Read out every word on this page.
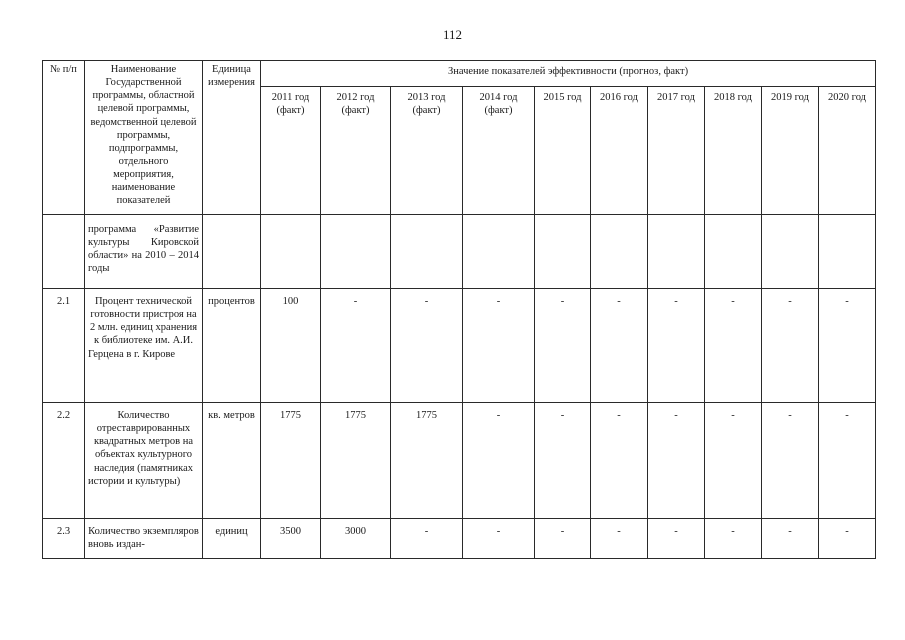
112
№ п/п	Наименование Государственной программы, областной целевой программы, ведомственной целевой программы, подпрограммы, отдельного мероприятия, наименование показателей	Единица измерения	Значение показателей эффективности (прогноз, факт)									
			2011 год (факт)	2012 год (факт)	2013 год (факт)	2014 год (факт)	2015 год	2016 год	2017 год	2018 год	2019 год	2020 год
	программа «Развитие культуры Кировской области» на 2010 – 2014 годы											
2.1	Процент технической готовности пристроя на 2 млн. единиц хранения к библиотеке им. А.И. Герцена в г. Кирове	процентов	100	-	-	-	-	-	-	-	-	-
2.2	Количество отреставрированных квадратных метров на объектах культурного наследия (памятниках истории и культуры)	кв. метров	1775	1775	1775	-	-	-	-	-	-	-
2.3	Количество экземпляров вновь издан-	единиц	3500	3000	-	-	-	-	-	-	-	-
